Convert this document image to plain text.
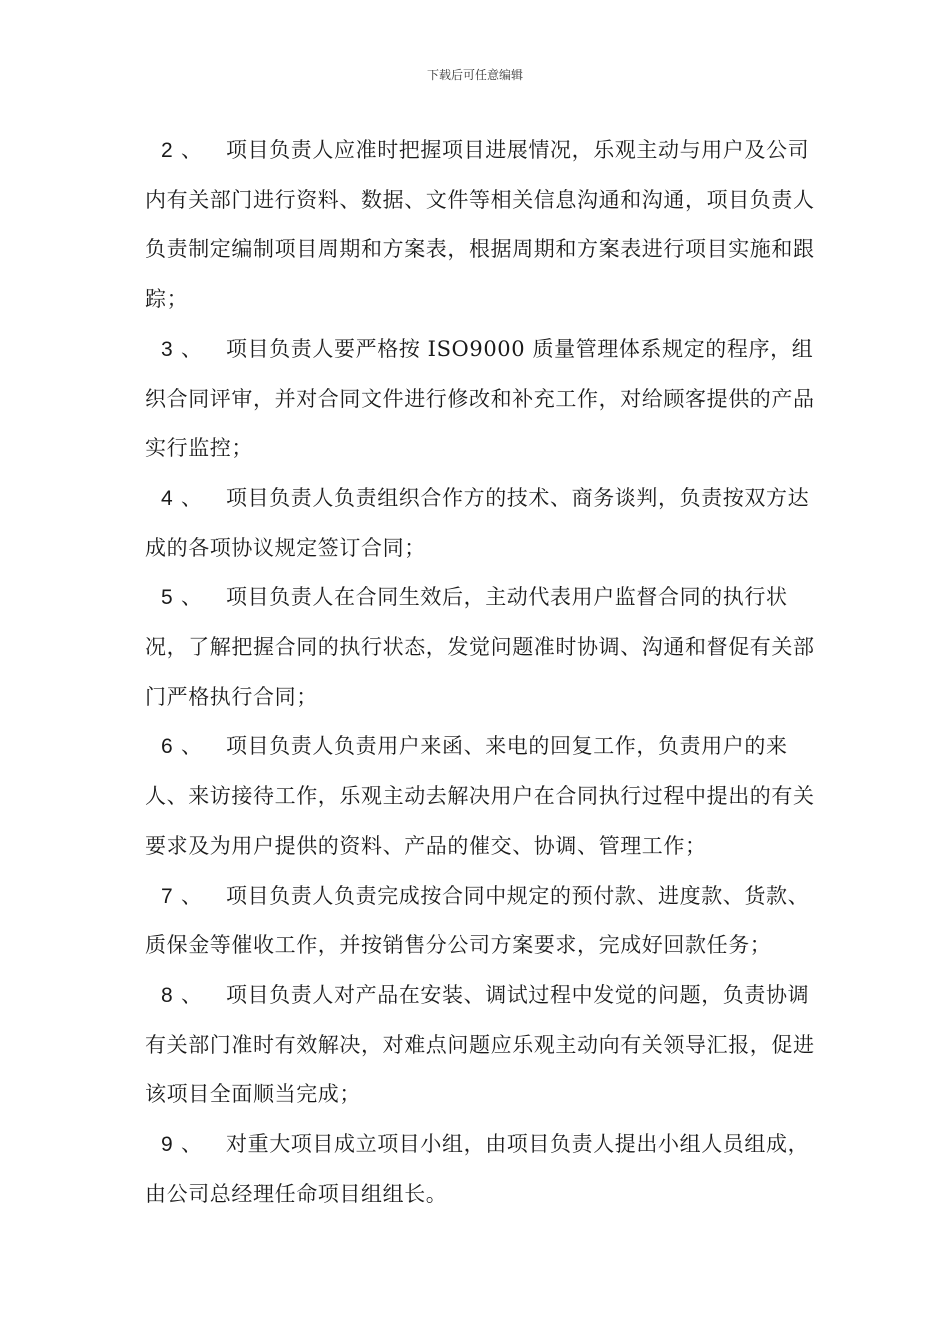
下载后可任意编辑

2 、 项目负责人应准时把握项目进展情况，乐观主动与用户及公司内有关部门进行资料、数据、文件等相关信息沟通和沟通，项目负责人负责制定编制项目周期和方案表，根据周期和方案表进行项目实施和跟踪；

3 、 项目负责人要严格按 ISO9000 质量管理体系规定的程序，组织合同评审，并对合同文件进行修改和补充工作，对给顾客提供的产品实行监控；

4 、 项目负责人负责组织合作方的技术、商务谈判，负责按双方达成的各项协议规定签订合同；

5 、 项目负责人在合同生效后，主动代表用户监督合同的执行状况，了解把握合同的执行状态，发觉问题准时协调、沟通和督促有关部门严格执行合同；

6 、 项目负责人负责用户来函、来电的回复工作，负责用户的来人、来访接待工作，乐观主动去解决用户在合同执行过程中提出的有关要求及为用户提供的资料、产品的催交、协调、管理工作；

7 、 项目负责人负责完成按合同中规定的预付款、进度款、货款、质保金等催收工作，并按销售分公司方案要求，完成好回款任务；

8 、 项目负责人对产品在安装、调试过程中发觉的问题，负责协调有关部门准时有效解决，对难点问题应乐观主动向有关领导汇报，促进该项目全面顺当完成；

9 、 对重大项目成立项目小组，由项目负责人提出小组人员组成，由公司总经理任命项目组组长。
